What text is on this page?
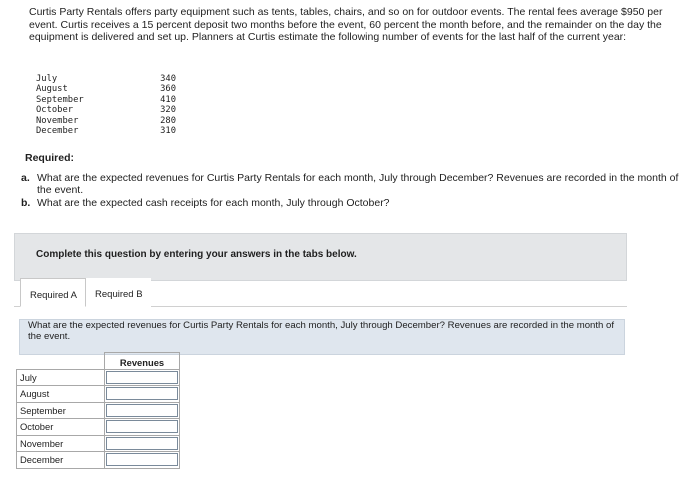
Curtis Party Rentals offers party equipment such as tents, tables, chairs, and so on for outdoor events. The rental fees average $950 per event. Curtis receives a 15 percent deposit two months before the event, 60 percent the month before, and the remainder on the day the equipment is delivered and set up. Planners at Curtis estimate the following number of events for the last half of the current year:
July	340
August	360
September	410
October	320
November	280
December	310
Required:
a. What are the expected revenues for Curtis Party Rentals for each month, July through December? Revenues are recorded in the month of the event.
b. What are the expected cash receipts for each month, July through October?
Complete this question by entering your answers in the tabs below.
Required A	Required B
What are the expected revenues for Curtis Party Rentals for each month, July through December? Revenues are recorded in the month of the event.
	Revenues
July	
August	
September	
October	
November	
December	
